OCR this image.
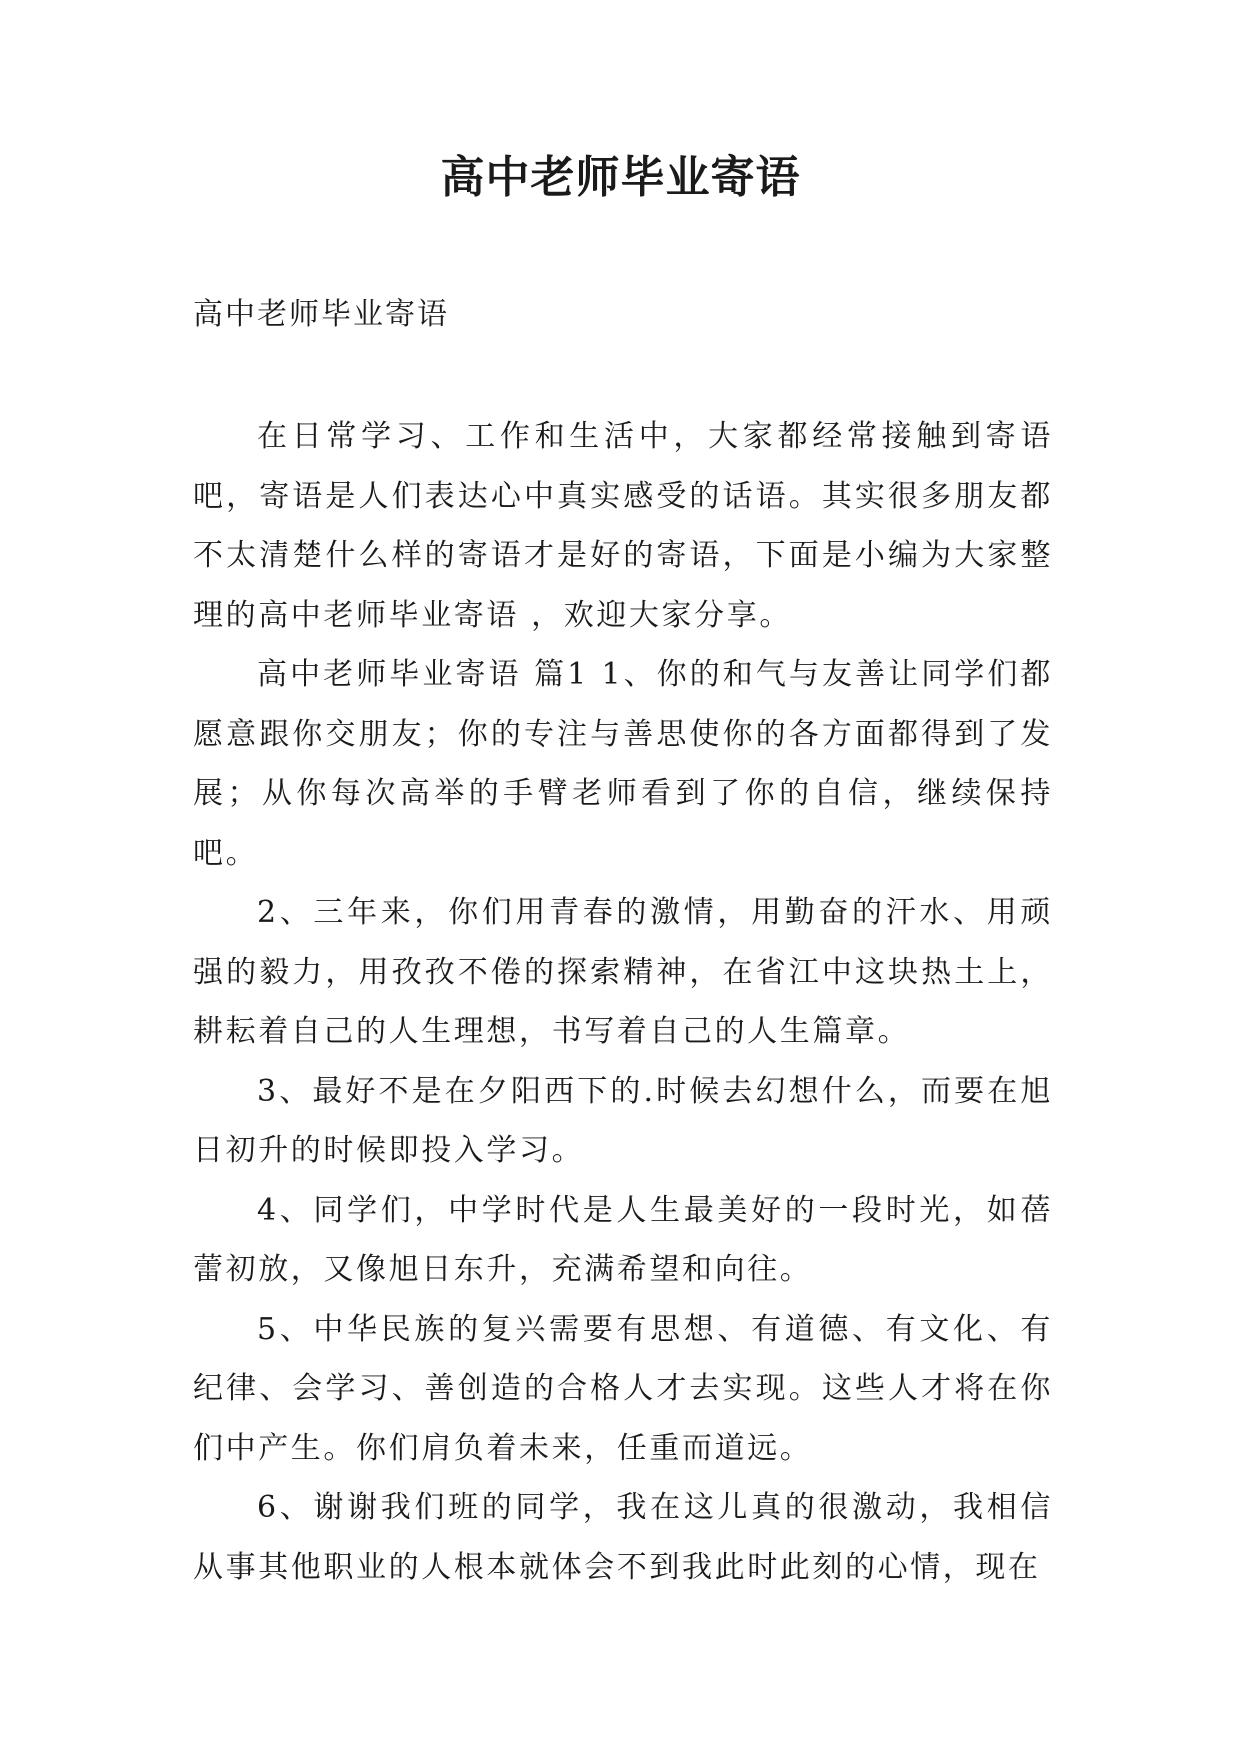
高中老师毕业寄语
高中老师毕业寄语

在日常学习、工作和生活中，大家都经常接触到寄语吧，寄语是人们表达心中真实感受的话语。其实很多朋友都不太清楚什么样的寄语才是好的寄语，下面是小编为大家整理的高中老师毕业寄语 ，欢迎大家分享。

高中老师毕业寄语 篇1 1、你的和气与友善让同学们都愿意跟你交朋友；你的专注与善思使你的各方面都得到了发展；从你每次高举的手臂老师看到了你的自信，继续保持吧。

2、三年来，你们用青春的激情，用勤奋的汗水、用顽强的毅力，用孜孜不倦的探索精神，在省江中这块热土上，耕耘着自己的人生理想，书写着自己的人生篇章。

3、最好不是在夕阳西下的.时候去幻想什么，而要在旭日初升的时候即投入学习。

4、同学们，中学时代是人生最美好的一段时光，如蓓蕾初放，又像旭日东升，充满希望和向往。

5、中华民族的复兴需要有思想、有道德、有文化、有纪律、会学习、善创造的合格人才去实现。这些人才将在你们中产生。你们肩负着未来，任重而道远。

6、谢谢我们班的同学，我在这儿真的很激动，我相信从事其他职业的人根本就体会不到我此时此刻的心情，现在
